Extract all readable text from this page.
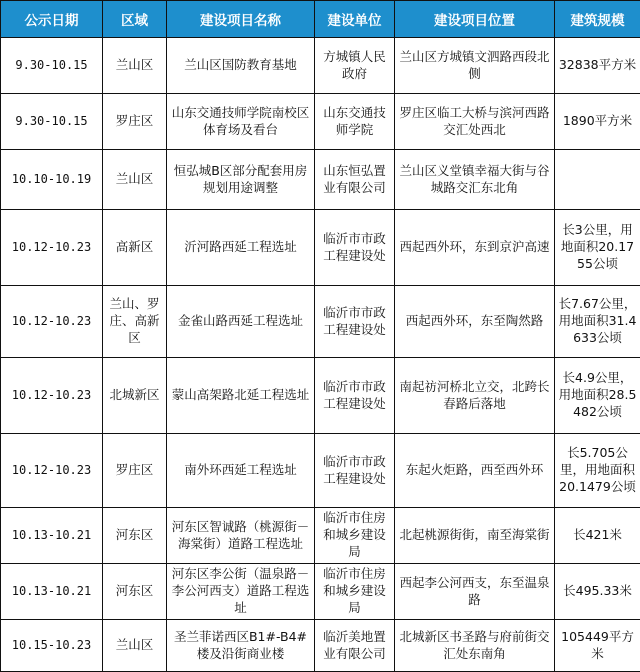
公示日期	区域	建设项目名称	建设单位	建设项目位置	建筑规模
9.30-10.15	兰山区	兰山区国防教育基地	方城镇人民政府	兰山区方城镇文泗路西段北侧	32838平方米
9.30-10.15	罗庄区	山东交通技师学院南校区体育场及看台	山东交通技师学院	罗庄区临工大桥与滨河西路交汇处西北	1890平方米
10.10-10.19	兰山区	恒弘城B区部分配套用房规划用途调整	山东恒弘置业有限公司	兰山区义堂镇幸福大街与谷城路交汇东北角	
10.12-10.23	高新区	沂河路西延工程选址	临沂市市政工程建设处	西起西外环，东到京沪高速	长3公里，用地面积20.1755公顷
10.12-10.23	兰山、罗庄、高新区	金雀山路西延工程选址	临沂市市政工程建设处	西起西外环，东至陶然路	长7.67公里，用地面积31.4633公顷
10.12-10.23	北城新区	蒙山高架路北延工程选址	临沂市市政工程建设处	南起祊河桥北立交，北跨长春路后落地	长4.9公里，用地面积28.5482公顷
10.12-10.23	罗庄区	南外环西延工程选址	临沂市市政工程建设处	东起火炬路，西至西外环	长5.705公里，用地面积20.1479公顷
10.13-10.21	河东区	河东区智诚路（桃源街－海棠街）道路工程选址	临沂市住房和城乡建设局	北起桃源街街，南至海棠街	长421米
10.13-10.21	河东区	河东区李公街（温泉路－李公河西支）道路工程选址	临沂市住房和城乡建设局	西起李公河西支，东至温泉路	长495.33米
10.15-10.23	兰山区	圣兰菲诺西区B1#-B4#楼及沿街商业楼	临沂美地置业有限公司	北城新区书圣路与府前街交汇处东南角	105449平方米
